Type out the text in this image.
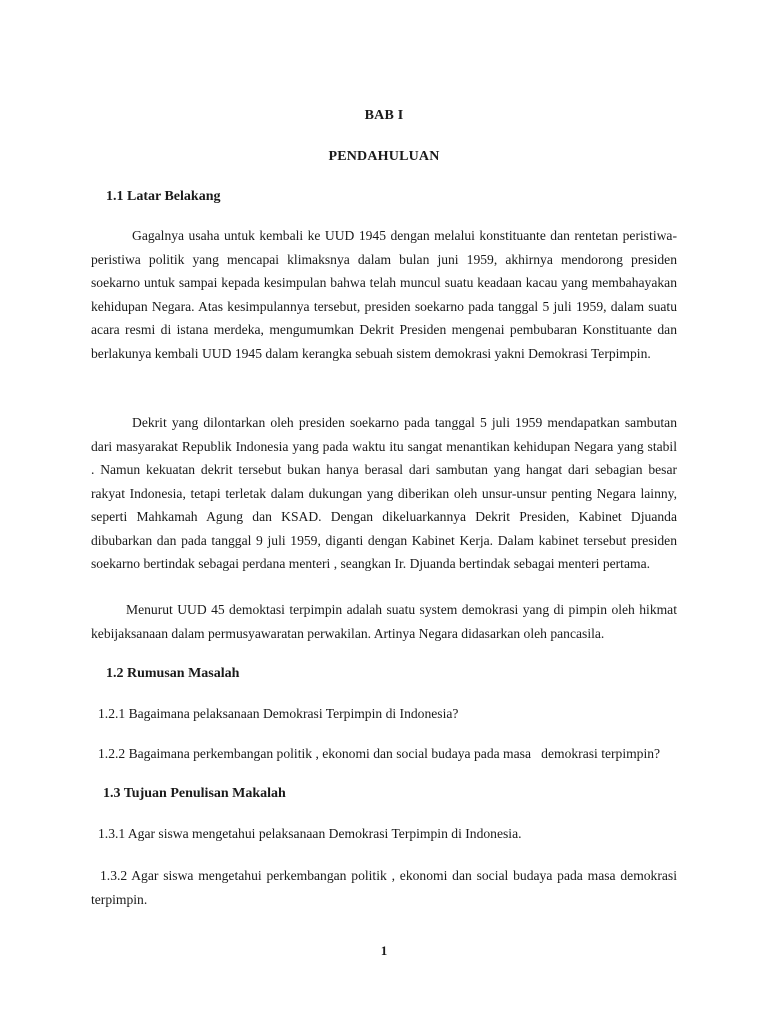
BAB I
PENDAHULUAN
1.1 Latar Belakang

Gagalnya usaha untuk kembali ke UUD 1945 dengan melalui konstituante dan rentetan peristiwa-peristiwa politik yang mencapai klimaksnya dalam bulan juni 1959, akhirnya mendorong presiden soekarno untuk sampai kepada kesimpulan bahwa telah muncul suatu keadaan kacau yang membahayakan kehidupan Negara. Atas kesimpulannya tersebut, presiden soekarno pada tanggal 5 juli 1959, dalam suatu acara resmi di istana merdeka, mengumumkan Dekrit Presiden mengenai pembubaran Konstituante dan berlakunya kembali UUD 1945 dalam kerangka sebuah sistem demokrasi yakni Demokrasi Terpimpin.

Dekrit yang dilontarkan oleh presiden soekarno pada tanggal 5 juli 1959 mendapatkan sambutan dari masyarakat Republik Indonesia yang pada waktu itu sangat menantikan kehidupan Negara yang stabil . Namun kekuatan dekrit tersebut bukan hanya berasal dari sambutan yang hangat dari sebagian besar rakyat Indonesia, tetapi terletak dalam dukungan yang diberikan oleh unsur-unsur penting Negara lainny, seperti Mahkamah Agung dan KSAD. Dengan dikeluarkannya Dekrit Presiden, Kabinet Djuanda dibubarkan dan pada tanggal 9 juli 1959, diganti dengan Kabinet Kerja. Dalam kabinet tersebut presiden soekarno bertindak sebagai perdana menteri , seangkan Ir. Djuanda bertindak sebagai menteri pertama.

Menurut UUD 45 demoktasi terpimpin adalah suatu system demokrasi yang di pimpin oleh hikmat kebijaksanaan dalam permusyawaratan perwakilan. Artinya Negara didasarkan oleh pancasila.

1.2 Rumusan Masalah

1.2.1 Bagaimana pelaksanaan Demokrasi Terpimpin di Indonesia?

1.2.2 Bagaimana perkembangan politik , ekonomi dan social budaya pada masa   demokrasi terpimpin?

1.3 Tujuan Penulisan Makalah

1.3.1 Agar siswa mengetahui pelaksanaan Demokrasi Terpimpin di Indonesia.

1.3.2 Agar siswa mengetahui perkembangan politik , ekonomi dan social budaya pada masa demokrasi terpimpin.

1
